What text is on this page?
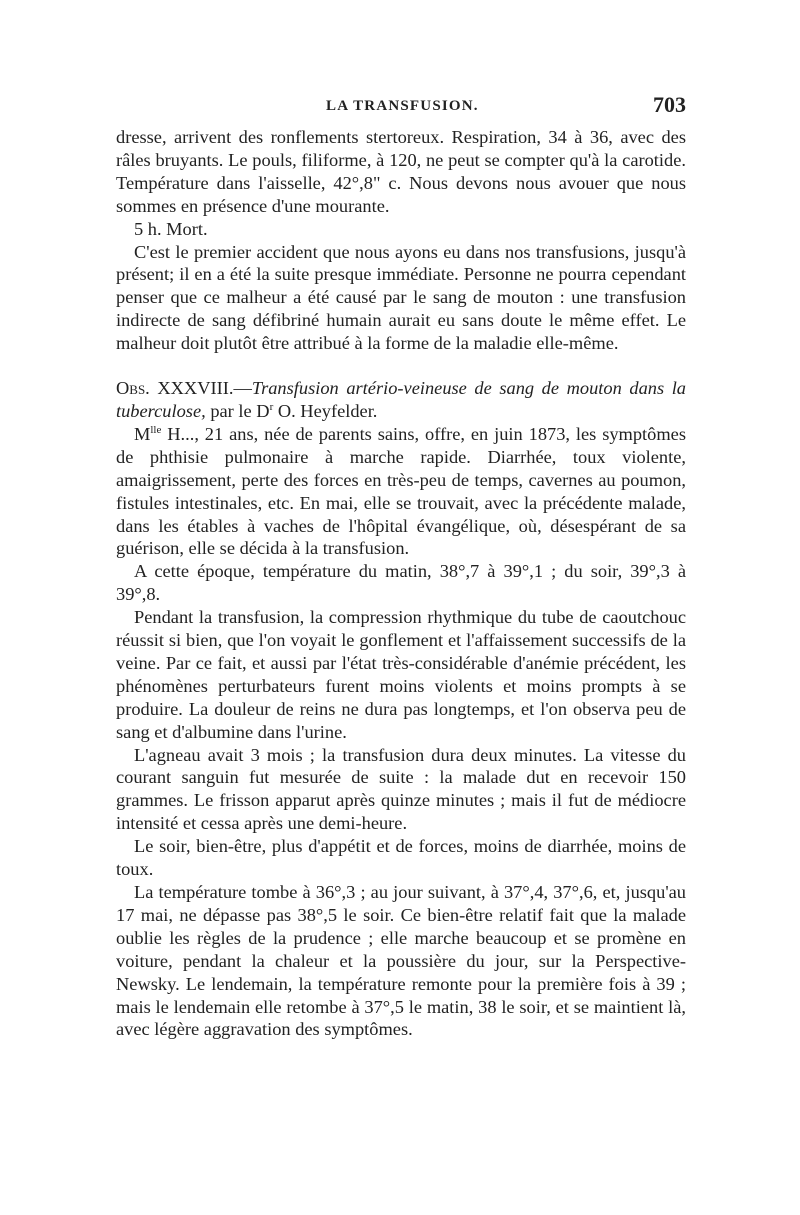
LA TRANSFUSION.	703

dresse, arrivent des ronflements stertoreux. Respiration, 34 à 36, avec des râles bruyants. Le pouls, filiforme, à 120, ne peut se compter qu'à la carotide. Température dans l'aisselle, 42°,8" c. Nous devons nous avouer que nous sommes en présence d'une mourante.

5 h. Mort.

C'est le premier accident que nous ayons eu dans nos transfusions, jusqu'à présent; il en a été la suite presque immédiate. Personne ne pourra cependant penser que ce malheur a été causé par le sang de mouton : une transfusion indirecte de sang défibriné humain aurait eu sans doute le même effet. Le malheur doit plutôt être attribué à la forme de la maladie elle-même.

Obs. XXXVIII.—Transfusion artério-veineuse de sang de mouton dans la tuberculose, par le $D^r$ O. Heyfelder.

$M^{lle}$ H..., 21 ans, née de parents sains, offre, en juin 1873, les symptômes de phthisie pulmonaire à marche rapide. Diarrhée, toux violente, amaigrissement, perte des forces en très-peu de temps, cavernes au poumon, fistules intestinales, etc. En mai, elle se trouvait, avec la précédente malade, dans les étables à vaches de l'hôpital évangélique, où, désespérant de sa guérison, elle se décida à la transfusion.

A cette époque, température du matin, 38°,7 à 39°,1 ; du soir, 39°,3 à 39°,8.

Pendant la transfusion, la compression rhythmique du tube de caoutchouc réussit si bien, que l'on voyait le gonflement et l'affaissement successifs de la veine. Par ce fait, et aussi par l'état très-considérable d'anémie précédent, les phénomènes perturbateurs furent moins violents et moins prompts à se produire. La douleur de reins ne dura pas longtemps, et l'on observa peu de sang et d'albumine dans l'urine.

L'agneau avait 3 mois ; la transfusion dura deux minutes. La vitesse du courant sanguin fut mesurée de suite : la malade dut en recevoir 150 grammes. Le frisson apparut après quinze minutes ; mais il fut de médiocre intensité et cessa après une demi-heure.

Le soir, bien-être, plus d'appétit et de forces, moins de diarrhée, moins de toux.

La température tombe à 36°,3 ; au jour suivant, à 37°,4, 37°,6, et, jusqu'au 17 mai, ne dépasse pas 38°,5 le soir. Ce bien-être relatif fait que la malade oublie les règles de la prudence ; elle marche beaucoup et se promène en voiture, pendant la chaleur et la poussière du jour, sur la Perspective-Newsky. Le lendemain, la température remonte pour la première fois à 39 ; mais le lendemain elle retombe à 37°,5 le matin, 38 le soir, et se maintient là, avec légère aggravation des symptômes.
